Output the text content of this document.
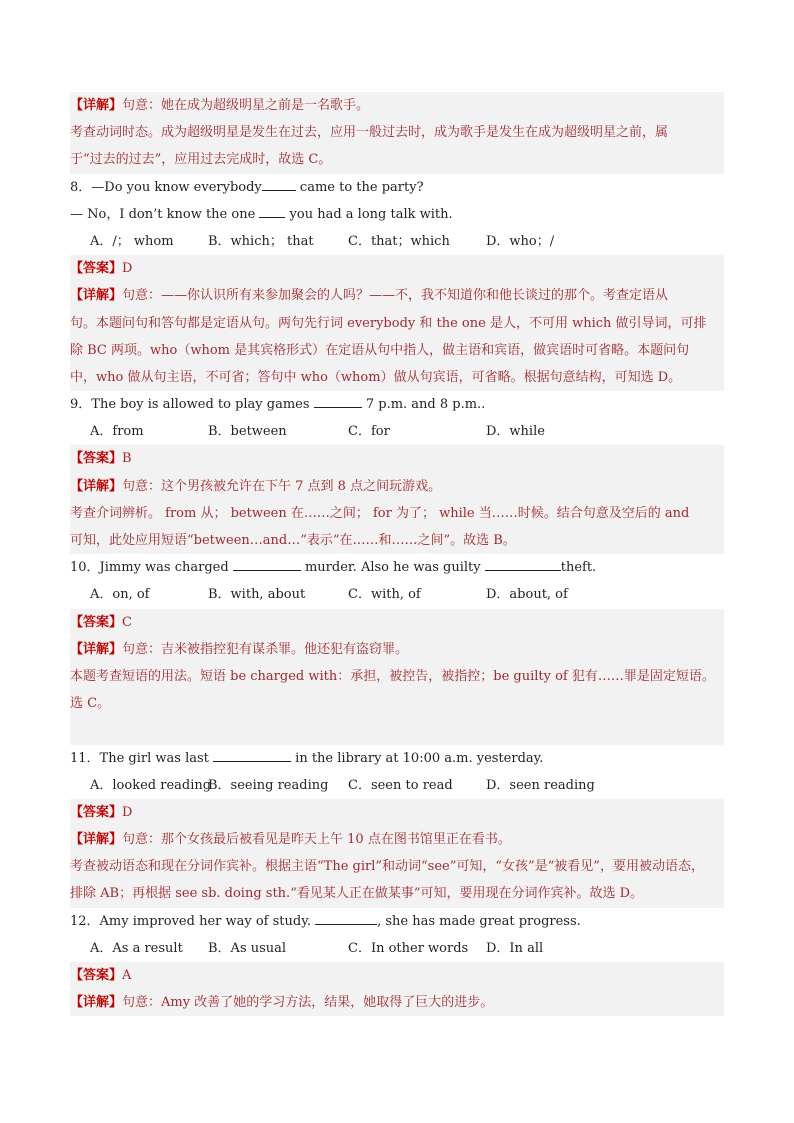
【详解】句意：她在成为超级明星之前是一名歌手。
考查动词时态。成为超级明星是发生在过去，应用一般过去时，成为歌手是发生在成为超级明星之前，属
于“过去的过去”，应用过去完成时，故选 C。
8．—Do you know everybody	came to the party?
— No，I don’t know the one	you had a long talk with.
A．/； whom	B．which； that	C．that；which	D．who；/
【答案】D
【详解】句意：——你认识所有来参加聚会的人吗？——不，我不知道你和他长谈过的那个。考查定语从
句。本题问句和答句都是定语从句。两句先行词 everybody 和 the one 是人，不可用 which 做引导词，可排
除 BC 两项。who（whom 是其宾格形式）在定语从句中指人，做主语和宾语，做宾语时可省略。本题问句
中，who 做从句主语，不可省；答句中 who（whom）做从句宾语，可省略。根据句意结构，可知选 D。
9．The boy is allowed to play games	7 p.m. and 8 p.m..
A．from	B．between	C．for	D．while
【答案】B
【详解】句意：这个男孩被允许在下午 7 点到 8 点之间玩游戏。
考查介词辨析。 from 从； between 在……之间； for 为了； while 当……时候。结合句意及空后的 and
可知，此处应用短语“between…and…”表示“在……和……之间”。故选 B。
10．Jimmy was charged	murder. Also he was guilty	theft.
A．on, of	B．with, about	C．with, of	D．about, of
【答案】C
【详解】句意：吉米被指控犯有谋杀罪。他还犯有盗窃罪。
本题考查短语的用法。短语 be charged with：承担，被控告，被指控；be guilty of 犯有……罪是固定短语。
选 C。
11．The girl was last	in the library at 10:00 a.m. yesterday.
A．looked readingB．seeing reading C．seen to read	D．seen reading
【答案】D
【详解】句意：那个女孩最后被看见是昨天上午 10 点在图书馆里正在看书。
考查被动语态和现在分词作宾补。根据主语“The girl”和动词“see”可知，“女孩”是“被看见”，要用被动语态，
排除 AB；再根据 see sb. doing sth.“看见某人正在做某事”可知，要用现在分词作宾补。故选 D。
12．Amy improved her way of study.	, she has made great progress.
A．As a result B．As usual	C．In other words D．In all
【答案】A
【详解】句意：Amy 改善了她的学习方法，结果，她取得了巨大的进步。
